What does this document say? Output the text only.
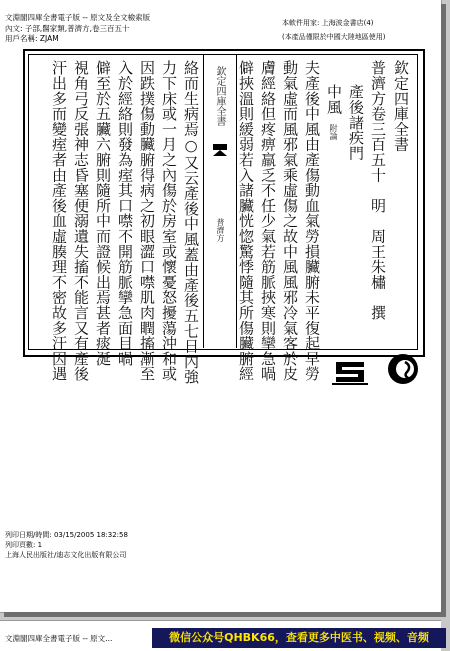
文淵閣四庫全書電子版 -- 原文及全文檢索版
內文: 子部,醫家類,普濟方,卷三百五十
用戶名稱: ZJAM
本軟件用家: 上海波金書店(4)
(本產品僅限於中國大陸地區使用)
欽定四庫全書
普濟方
欽定四庫全書
普濟方卷三百五十　明　周王朱橚　撰
產後諸疾門
中風
附論
夫產後中風由產傷動血氣勞損臟腑未平復起早勞
動氣虛而風邪氣乘虛傷之故中風風邪冷氣客於皮
膚經絡但疼痹羸乏不任少氣若筋脈挾寒則攣急喎
僻挾溫則緩弱若入諸臟恍惚驚悸隨其所傷臟腑經
絡而生病焉○又云產後中風蓋由產後五七日內強
力下床或一月之內傷於房室或懷憂怒擾蕩沖和或
因跌撲傷動臟腑得病之初眼澀口噤肌肉瞤搐漸至
入於經絡則發為痓其口噤不開筋脈攣急面目喎
僻至於五臟六腑則隨所中而證候出焉甚者痰涎
視角弓反張神志昏塞便溺遺失搐不能言又有產後
汗出多而變痓者由產後血虛腠理不密故多汗因遇
列印日期/時間: 03/15/2005 18:32:58
列印頁數: 1
上海人民出版社/迪志文化出版有限公司
文淵閣四庫全書電子版 -- 原文...	微信公众号QHBK66，查看更多中医书、视频、音频
